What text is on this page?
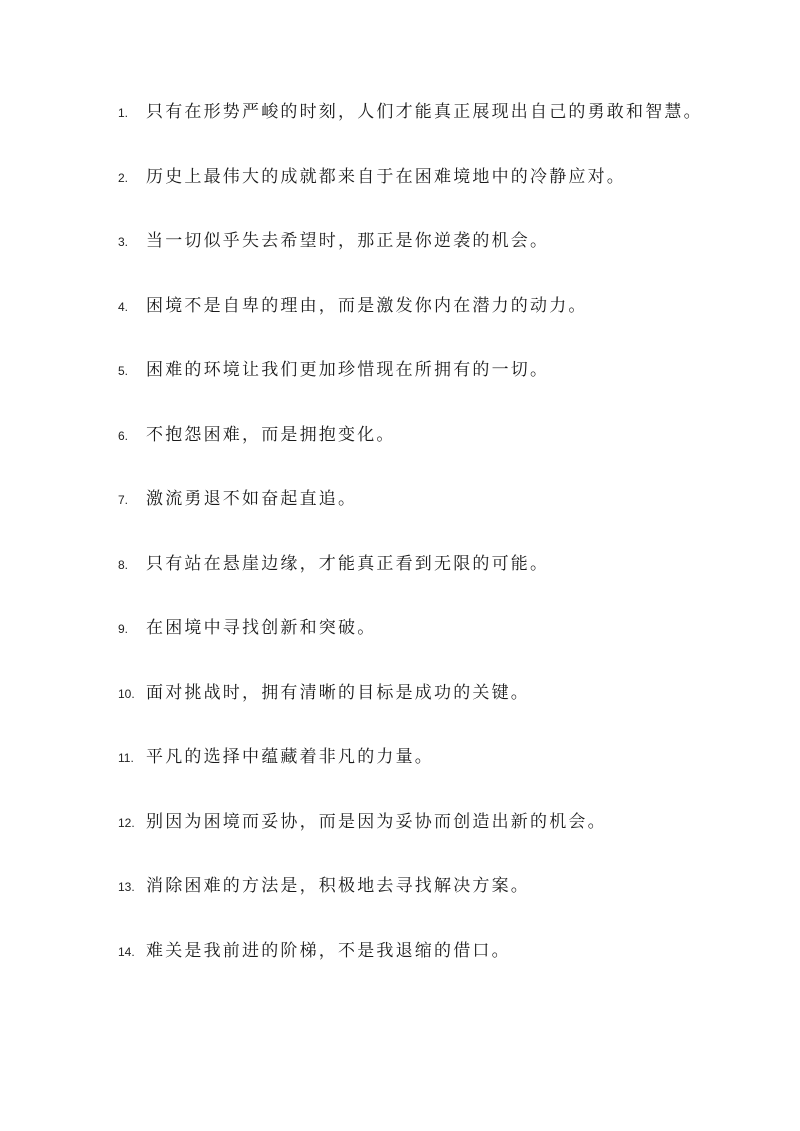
1.	只有在形势严峻的时刻，人们才能真正展现出自己的勇敢和智慧。
2.	历史上最伟大的成就都来自于在困难境地中的冷静应对。
3.	当一切似乎失去希望时，那正是你逆袭的机会。
4.	困境不是自卑的理由，而是激发你内在潜力的动力。
5.	困难的环境让我们更加珍惜现在所拥有的一切。
6.	不抱怨困难，而是拥抱变化。
7.	激流勇退不如奋起直追。
8.	只有站在悬崖边缘，才能真正看到无限的可能。
9.	在困境中寻找创新和突破。
10. 面对挑战时，拥有清晰的目标是成功的关键。
11. 平凡的选择中蕴藏着非凡的力量。
12. 别因为困境而妥协，而是因为妥协而创造出新的机会。
13. 消除困难的方法是，积极地去寻找解决方案。
14. 难关是我前进的阶梯，不是我退缩的借口。
